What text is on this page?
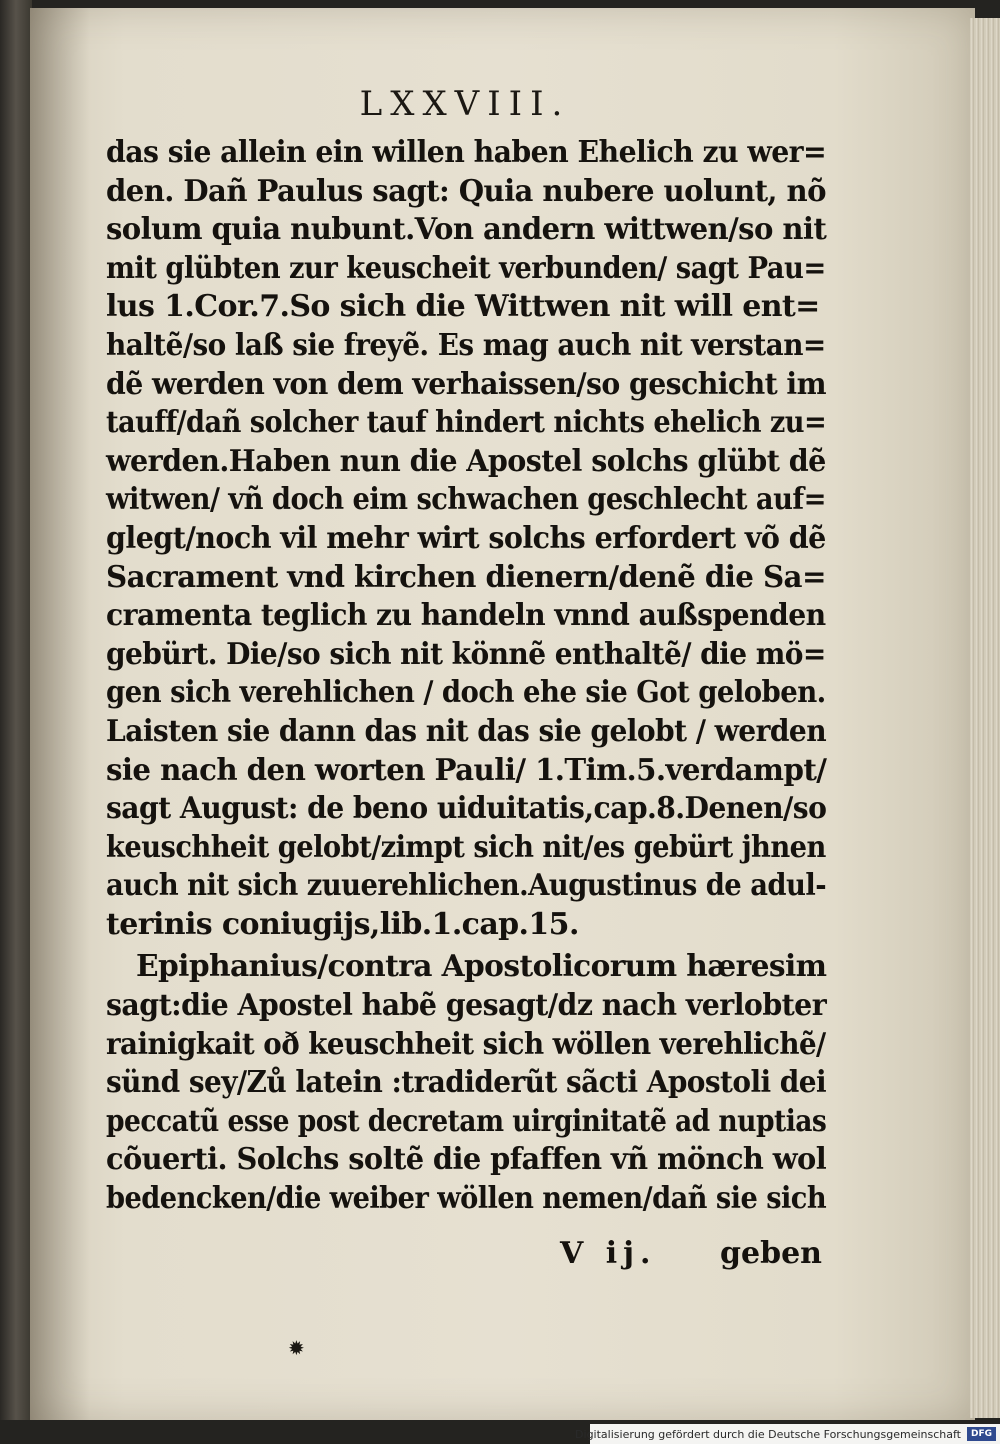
LXXVIII.
das sie allein ein willen haben Ehelich zu wer=
den. Dañ Paulus sagt: Quia nubere uolunt, nõ
solum quia nubunt.Von andern wittwen/so nit
mit glübten zur keuscheit verbunden/ sagt Pau=
lus 1.Cor.7.So sich die Wittwen nit will ent=
haltẽ/so laß sie freyẽ. Es mag auch nit verstan=
dẽ werden von dem verhaissen/so geschicht im
tauff/dañ solcher tauf hindert nichts ehelich zu=
werden.Haben nun die Apostel solchs glübt dẽ
witwen/ vñ doch eim schwachen geschlecht auf=
glegt/noch vil mehr wirt solchs erfordert võ dẽ
Sacrament vnd kirchen dienern/denẽ die Sa=
cramenta teglich zu handeln vnnd außspenden
gebürt. Die/so sich nit könnẽ enthaltẽ/ die mö=
gen sich verehlichen / doch ehe sie Got geloben.
Laisten sie dann das nit das sie gelobt / werden
sie nach den worten Pauli/ 1.Tim.5.verdampt/
sagt August: de beno uiduitatis,cap.8.Denen/so
keuschheit gelobt/zimpt sich nit/es gebürt jhnen
auch nit sich zuuerehlichen.Augustinus de adul-
terinis coniugijs,lib.1.cap.15.
Epiphanius/contra Apostolicorum hæresim
sagt:die Apostel habẽ gesagt/dz nach verlobter
rainigkait oð keuschheit sich wöllen verehlichẽ/
sünd sey/Zů latein :tradiderũt sãcti Apostoli dei
peccatũ esse post decretam uirginitatẽ ad nuptias
cõuerti. Solchs soltẽ die pfaffen vñ mönch wol
bedencken/die weiber wöllen nemen/dañ sie sich
V ij. geben
✹
Digitalisierung gefördert durch die Deutsche Forschungsgemeinschaft	DFG
